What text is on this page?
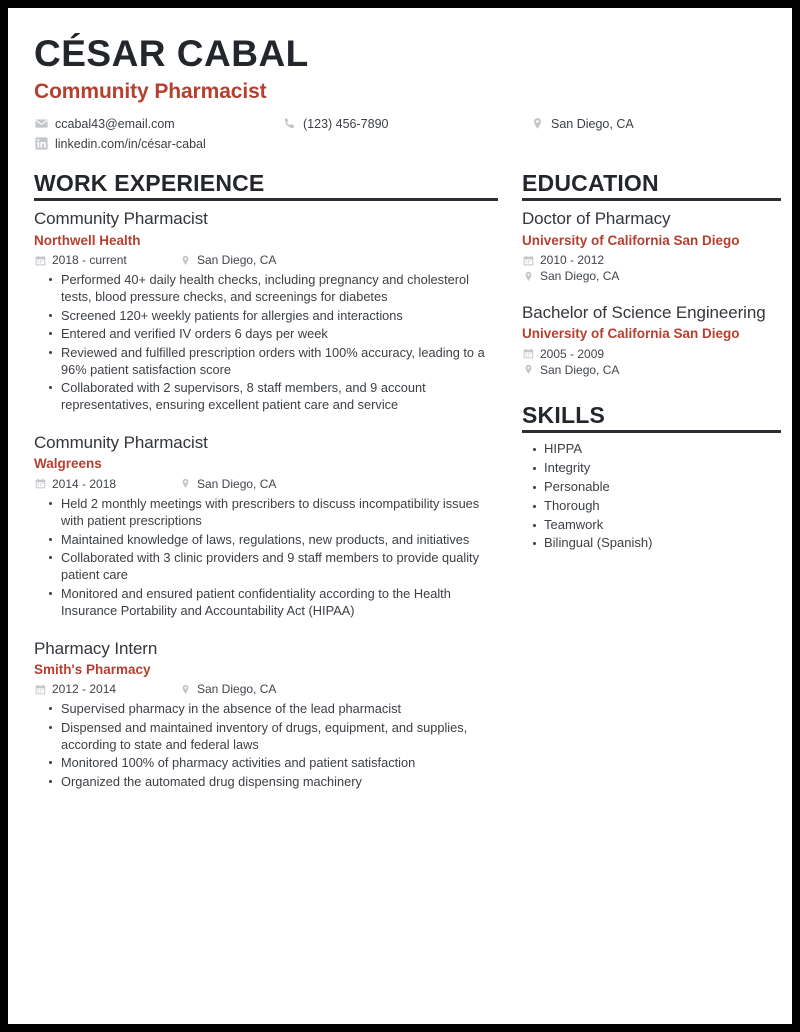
CÉSAR CABAL
Community Pharmacist
ccabal43@email.com	(123) 456-7890	San Diego, CA
linkedin.com/in/césar-cabal
WORK EXPERIENCE
Community Pharmacist
Northwell Health
2018 - current	San Diego, CA
Performed 40+ daily health checks, including pregnancy and cholesterol tests, blood pressure checks, and screenings for diabetes
Screened 120+ weekly patients for allergies and interactions
Entered and verified IV orders 6 days per week
Reviewed and fulfilled prescription orders with 100% accuracy, leading to a 96% patient satisfaction score
Collaborated with 2 supervisors, 8 staff members, and 9 account representatives, ensuring excellent patient care and service
Community Pharmacist
Walgreens
2014 - 2018	San Diego, CA
Held 2 monthly meetings with prescribers to discuss incompatibility issues with patient prescriptions
Maintained knowledge of laws, regulations, new products, and initiatives
Collaborated with 3 clinic providers and 9 staff members to provide quality patient care
Monitored and ensured patient confidentiality according to the Health Insurance Portability and Accountability Act (HIPAA)
Pharmacy Intern
Smith's Pharmacy
2012 - 2014	San Diego, CA
Supervised pharmacy in the absence of the lead pharmacist
Dispensed and maintained inventory of drugs, equipment, and supplies, according to state and federal laws
Monitored 100% of pharmacy activities and patient satisfaction
Organized the automated drug dispensing machinery
EDUCATION
Doctor of Pharmacy
University of California San Diego
2010 - 2012
San Diego, CA
Bachelor of Science Engineering
University of California San Diego
2005 - 2009
San Diego, CA
SKILLS
HIPPA
Integrity
Personable
Thorough
Teamwork
Bilingual (Spanish)
